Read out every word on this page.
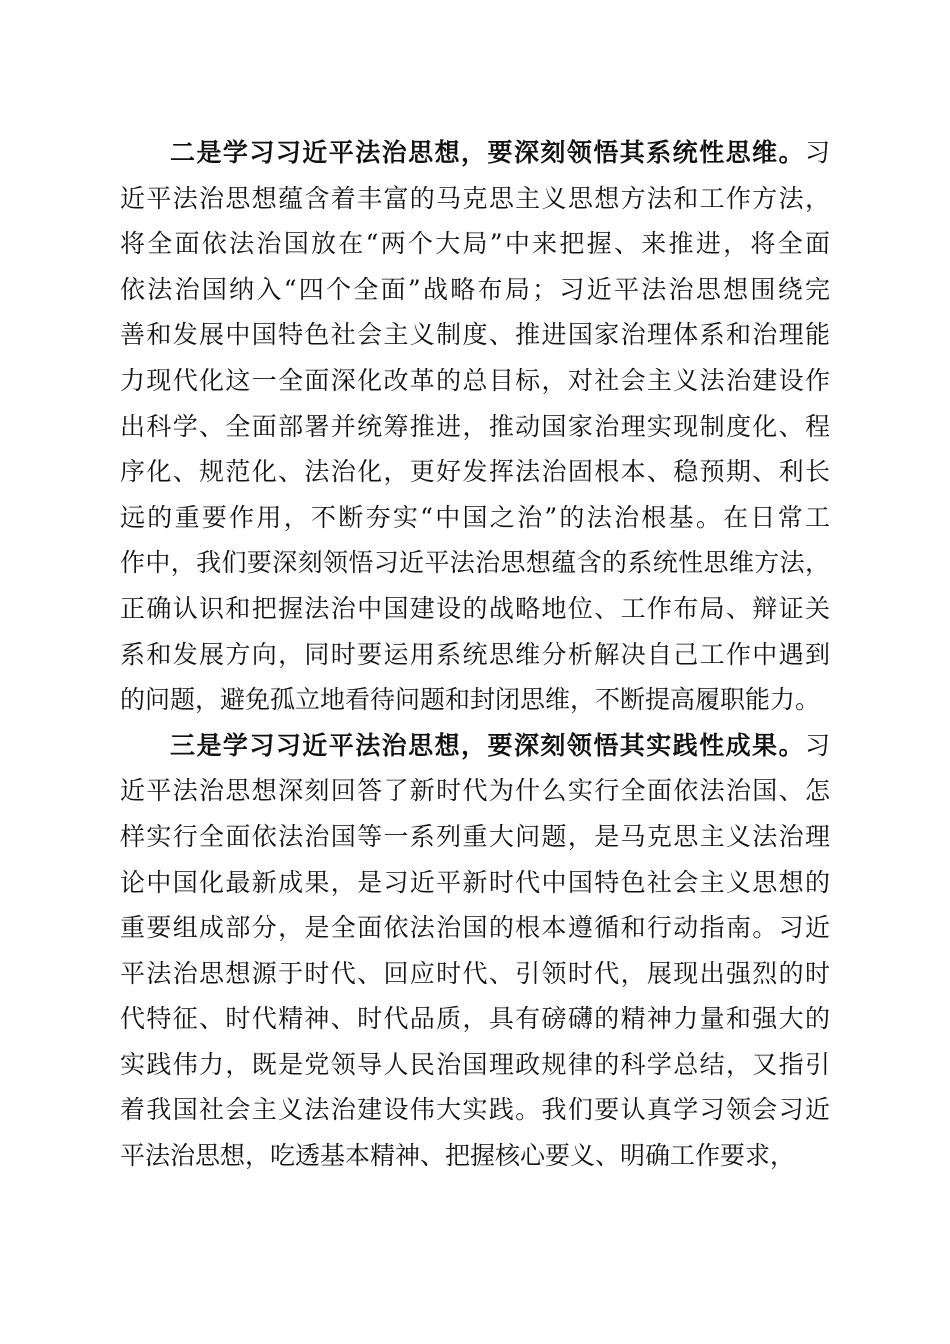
二是学习习近平法治思想，要深刻领悟其系统性思维。习
近平法治思想蕴含着丰富的马克思主义思想方法和工作方法，
将全面依法治国放在“两个大局”中来把握、来推进，将全面
依法治国纳入“四个全面”战略布局；习近平法治思想围绕完
善和发展中国特色社会主义制度、推进国家治理体系和治理能
力现代化这一全面深化改革的总目标，对社会主义法治建设作
出科学、全面部署并统筹推进，推动国家治理实现制度化、程
序化、规范化、法治化，更好发挥法治固根本、稳预期、利长
远的重要作用，不断夯实“中国之治”的法治根基。在日常工
作中，我们要深刻领悟习近平法治思想蕴含的系统性思维方法，
正确认识和把握法治中国建设的战略地位、工作布局、辩证关
系和发展方向，同时要运用系统思维分析解决自己工作中遇到
的问题，避免孤立地看待问题和封闭思维，不断提高履职能力。
三是学习习近平法治思想，要深刻领悟其实践性成果。习
近平法治思想深刻回答了新时代为什么实行全面依法治国、怎
样实行全面依法治国等一系列重大问题，是马克思主义法治理
论中国化最新成果，是习近平新时代中国特色社会主义思想的
重要组成部分，是全面依法治国的根本遵循和行动指南。习近
平法治思想源于时代、回应时代、引领时代，展现出强烈的时
代特征、时代精神、时代品质，具有磅礴的精神力量和强大的
实践伟力，既是党领导人民治国理政规律的科学总结，又指引
着我国社会主义法治建设伟大实践。我们要认真学习领会习近
平法治思想，吃透基本精神、把握核心要义、明确工作要求，
